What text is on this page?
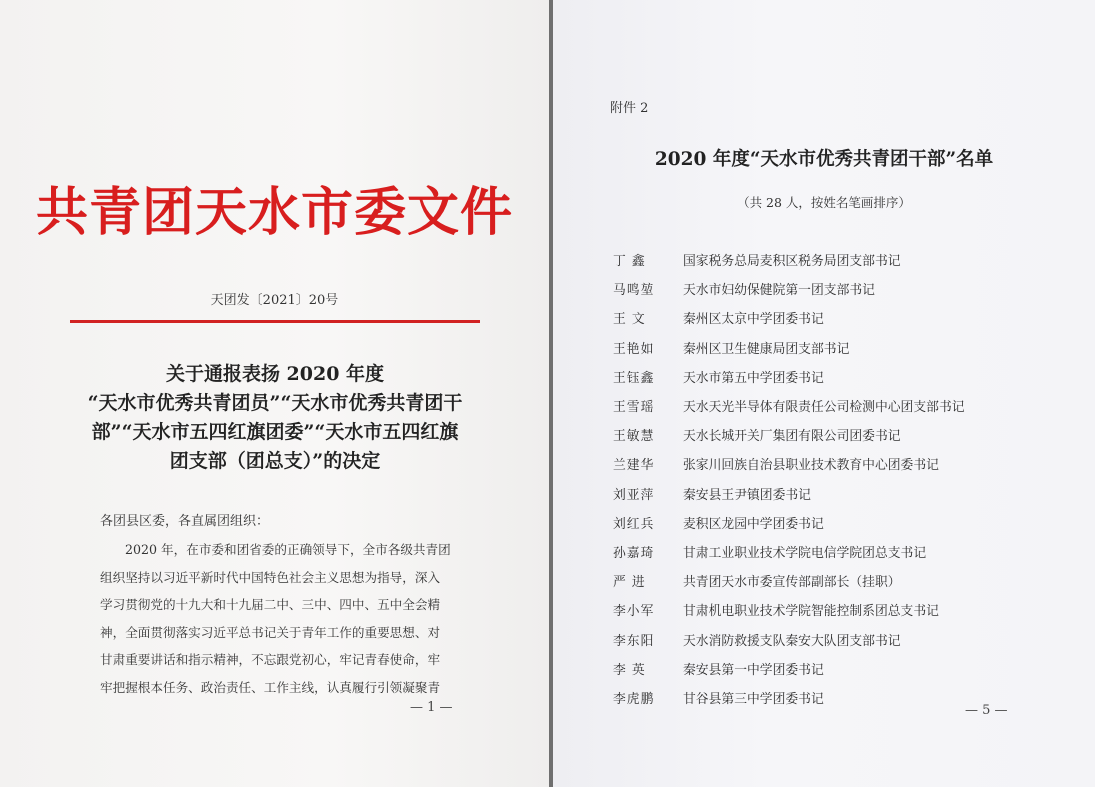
共青团天水市委文件
天团发〔2021〕20号
关于通报表扬 2020 年度
“天水市优秀共青团员”“天水市优秀共青团干
部”“天水市五四红旗团委”“天水市五四红旗
团支部（团总支）”的决定
各团县区委，各直属团组织：
2020 年，在市委和团省委的正确领导下，全市各级共青团
组织坚持以习近平新时代中国特色社会主义思想为指导，深入
学习贯彻党的十九大和十九届二中、三中、四中、五中全会精
神，全面贯彻落实习近平总书记关于青年工作的重要思想、对
甘肃重要讲话和指示精神，不忘跟党初心，牢记青春使命，牢
牢把握根本任务、政治责任、工作主线，认真履行引领凝聚青
— 1 —
附件 2
2020 年度“天水市优秀共青团干部”名单
（共 28 人，按姓名笔画排序）
丁 鑫	国家税务总局麦积区税务局团支部书记
马鸣堃	天水市妇幼保健院第一团支部书记
王 文	秦州区太京中学团委书记
王艳如	秦州区卫生健康局团支部书记
王钰鑫	天水市第五中学团委书记
王雪瑶	天水天光半导体有限责任公司检测中心团支部书记
王敏慧	天水长城开关厂集团有限公司团委书记
兰建华	张家川回族自治县职业技术教育中心团委书记
刘亚萍	秦安县王尹镇团委书记
刘红兵	麦积区龙园中学团委书记
孙嘉琦	甘肃工业职业技术学院电信学院团总支书记
严 进	共青团天水市委宣传部副部长（挂职）
李小军	甘肃机电职业技术学院智能控制系团总支书记
李东阳	天水消防救援支队秦安大队团支部书记
李 英	秦安县第一中学团委书记
李虎鹏	甘谷县第三中学团委书记
— 5 —
